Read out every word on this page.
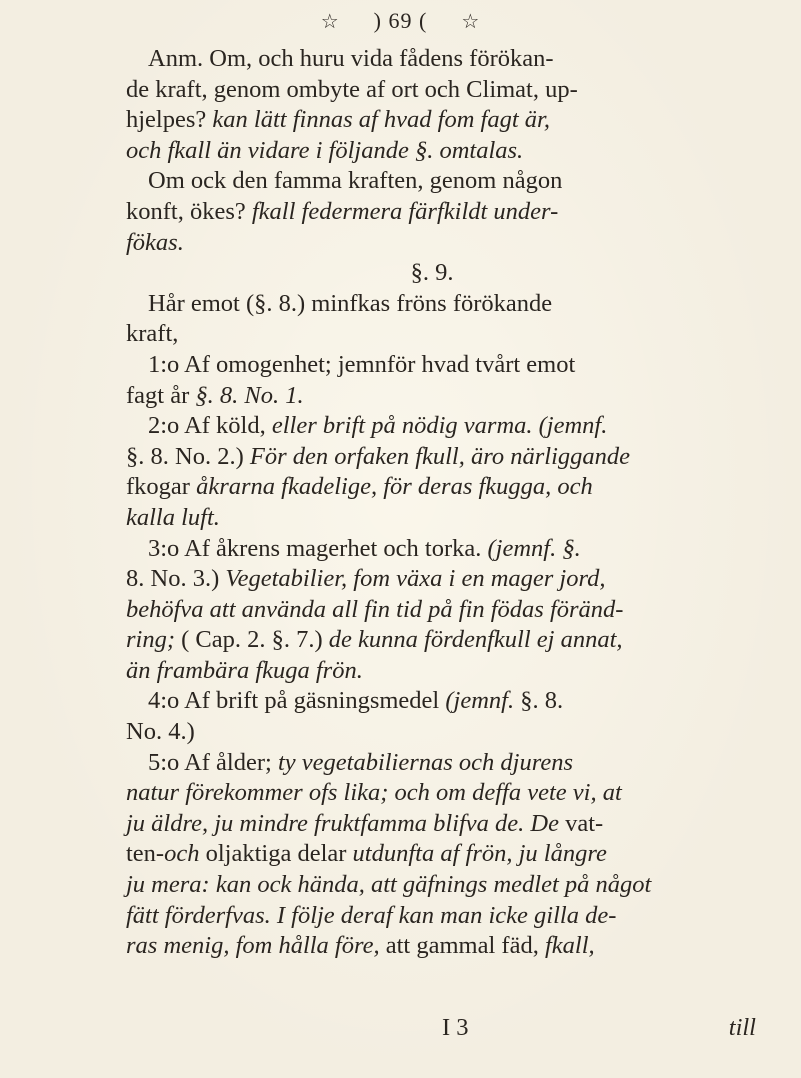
☆ ) 69 ( ☆
Anm. Om, och huru vida fådens förökan-
de kraft, genom ombyte af ort och Climat, up-
hjelpes? kan lätt finnas af hvad fom fagt är,
och fkall än vidare i följande §. omtalas.
Om ock den famma kraften, genom någon
konft, ökes? fkall federmera färfkildt under-
fökas.
§. 9.
Hår emot (§. 8.) minfkas fröns förökande
kraft,
1:o Af omogenhet; jemnför hvad tvårt emot
fagt år §. 8. No. 1.
2:o Af köld, eller brift på nödig varma. (jemnf.
§. 8. No. 2.) För den orfaken fkull, äro närliggande
fkogar åkrarna fkadelige, för deras fkugga, och
kalla luft.
3:o Af åkrens magerhet och torka. (jemnf. §.
8. No. 3.) Vegetabilier, fom växa i en mager jord,
behöfva att använda all fin tid på fin födas föränd-
ring; ( Cap. 2. §. 7.) de kunna fördenfkull ej annat,
än frambära fkuga frön.
4:o Af brift på gäsningsmedel (jemnf. §. 8.
No. 4.)
5:o Af ålder; ty vegetabiliernas och djurens
natur förekommer ofs lika; och om deffa vete vi, at
ju äldre, ju mindre fruktfamma blifva de. De vat-
ten-och oljaktiga delar utdunfta af frön, ju långre
ju mera: kan ock hända, att gäfnings medlet på något
fätt förderfvas. I följe deraf kan man icke gilla de-
ras menig, fom hålla före, att gammal fäd, fkall,
I 3	till
